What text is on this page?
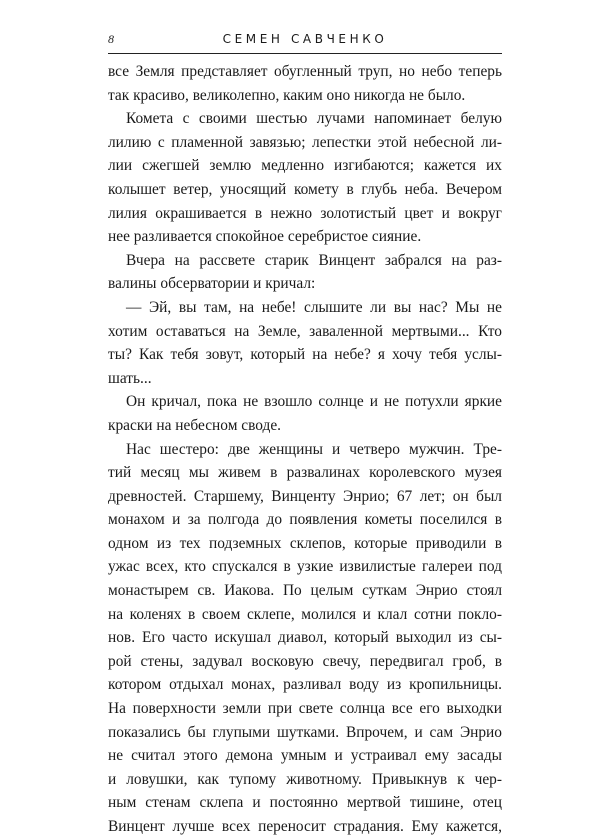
8	СЕМЕН САВЧЕНКО
все Земля представляет обугленный труп, но небо теперь
так красиво, великолепно, каким оно никогда не было.
Комета с своими шестью лучами напоминает белую
лилию с пламенной завязью; лепестки этой небесной ли-
лии сжегшей землю медленно изгибаются; кажется их
колышет ветер, уносящий комету в глубь неба. Вечером
лилия окрашивается в нежно золотистый цвет и вокруг
нее разливается спокойное серебристое сияние.
Вчера на рассвете старик Винцент забрался на раз-
валины обсерватории и кричал:
— Эй, вы там, на небе! слышите ли вы нас? Мы не
хотим оставаться на Земле, заваленной мертвыми... Кто
ты? Как тебя зовут, который на небе? я хочу тебя услы-
шать...
Он кричал, пока не взошло солнце и не потухли яркие
краски на небесном своде.
Нас шестеро: две женщины и четверо мужчин. Тре-
тий месяц мы живем в развалинах королевского музея
древностей. Старшему, Винценту Энрио; 67 лет; он был
монахом и за полгода до появления кометы поселился в
одном из тех подземных склепов, которые приводили в
ужас всех, кто спускался в узкие извилистые галереи под
монастырем св. Иакова. По целым суткам Энрио стоял
на коленях в своем склепе, молился и клал сотни покло-
нов. Его часто искушал диавол, который выходил из сы-
рой стены, задувал восковую свечу, передвигал гроб, в
котором отдыхал монах, разливал воду из кропильницы.
На поверхности земли при свете солнца все его выходки
показались бы глупыми шутками. Впрочем, и сам Энрио
не считал этого демона умным и устраивал ему засады
и ловушки, как тупому животному. Привыкнув к чер-
ным стенам склепа и постоянно мертвой тишине, отец
Винцент лучше всех переносит страдания. Ему кажется,
